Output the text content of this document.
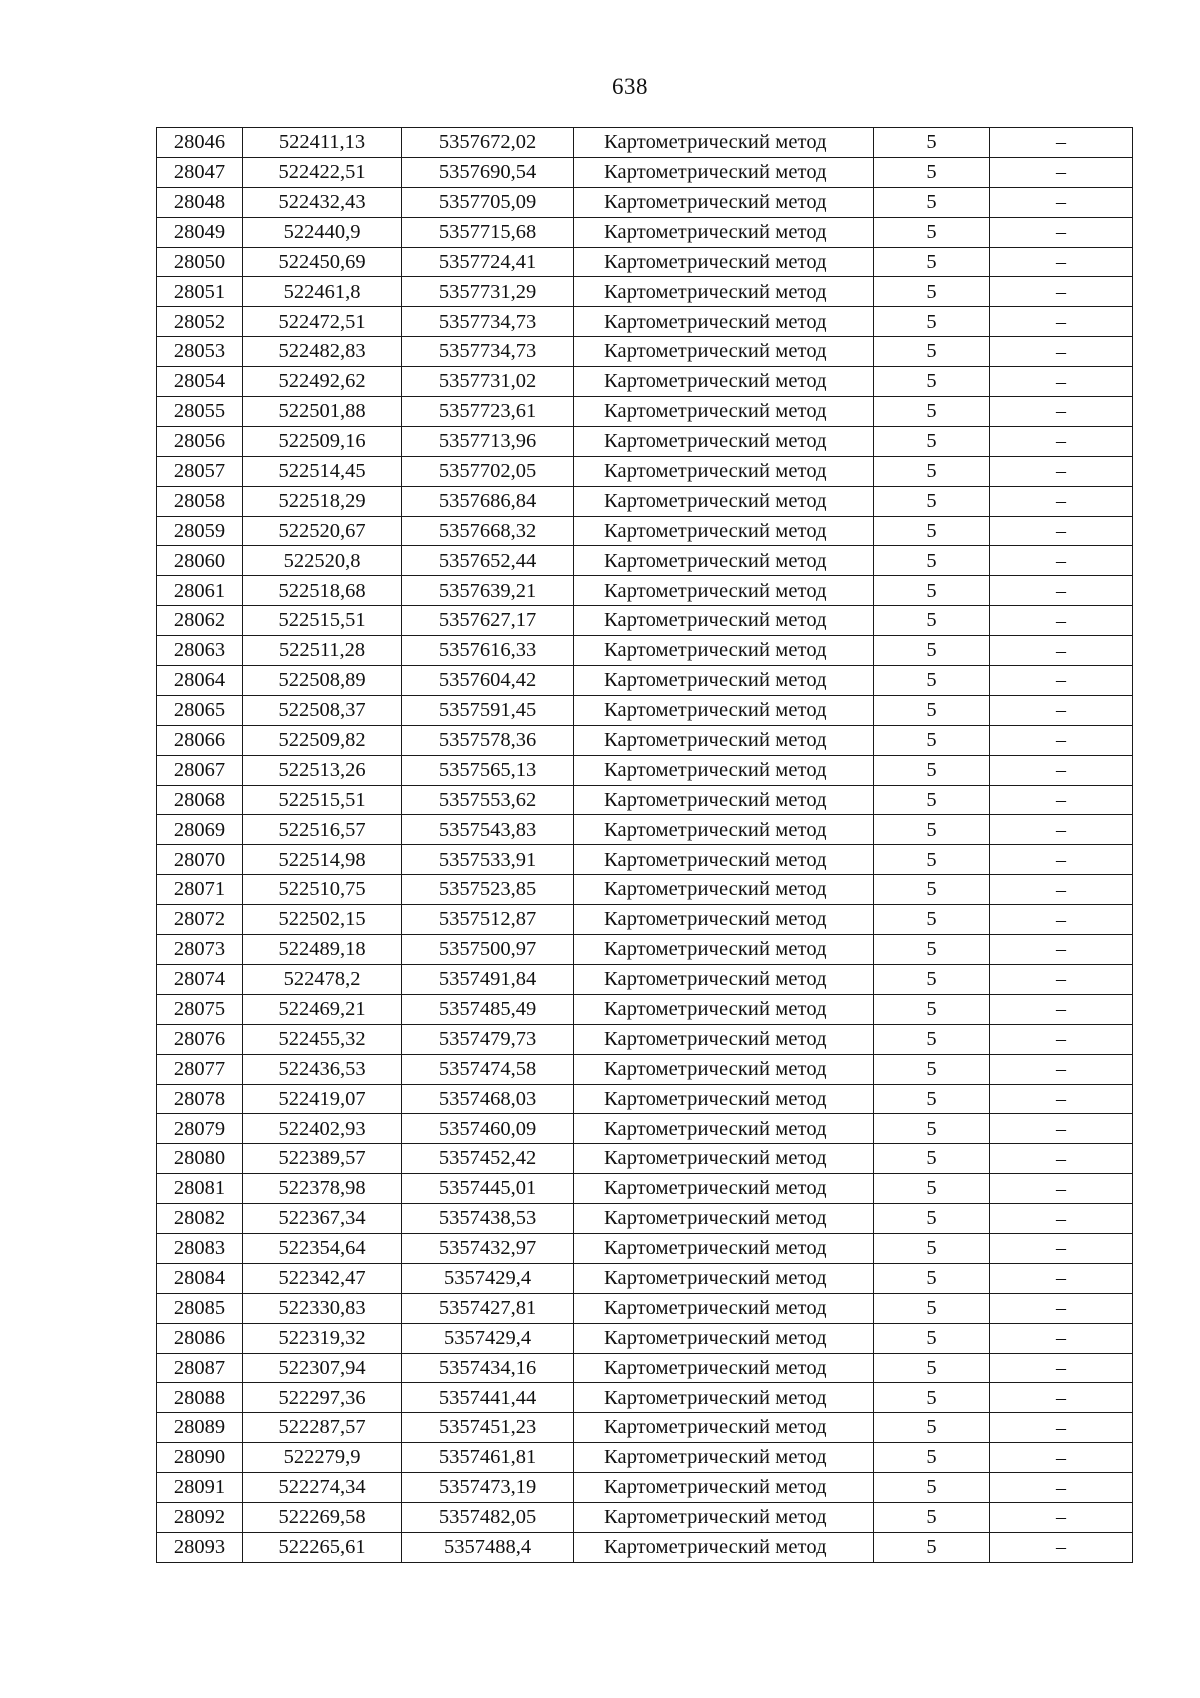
638
28046	522411,13	5357672,02	Картометрический метод	5	–
28047	522422,51	5357690,54	Картометрический метод	5	–
28048	522432,43	5357705,09	Картометрический метод	5	–
28049	522440,9	5357715,68	Картометрический метод	5	–
28050	522450,69	5357724,41	Картометрический метод	5	–
28051	522461,8	5357731,29	Картометрический метод	5	–
28052	522472,51	5357734,73	Картометрический метод	5	–
28053	522482,83	5357734,73	Картометрический метод	5	–
28054	522492,62	5357731,02	Картометрический метод	5	–
28055	522501,88	5357723,61	Картометрический метод	5	–
28056	522509,16	5357713,96	Картометрический метод	5	–
28057	522514,45	5357702,05	Картометрический метод	5	–
28058	522518,29	5357686,84	Картометрический метод	5	–
28059	522520,67	5357668,32	Картометрический метод	5	–
28060	522520,8	5357652,44	Картометрический метод	5	–
28061	522518,68	5357639,21	Картометрический метод	5	–
28062	522515,51	5357627,17	Картометрический метод	5	–
28063	522511,28	5357616,33	Картометрический метод	5	–
28064	522508,89	5357604,42	Картометрический метод	5	–
28065	522508,37	5357591,45	Картометрический метод	5	–
28066	522509,82	5357578,36	Картометрический метод	5	–
28067	522513,26	5357565,13	Картометрический метод	5	–
28068	522515,51	5357553,62	Картометрический метод	5	–
28069	522516,57	5357543,83	Картометрический метод	5	–
28070	522514,98	5357533,91	Картометрический метод	5	–
28071	522510,75	5357523,85	Картометрический метод	5	–
28072	522502,15	5357512,87	Картометрический метод	5	–
28073	522489,18	5357500,97	Картометрический метод	5	–
28074	522478,2	5357491,84	Картометрический метод	5	–
28075	522469,21	5357485,49	Картометрический метод	5	–
28076	522455,32	5357479,73	Картометрический метод	5	–
28077	522436,53	5357474,58	Картометрический метод	5	–
28078	522419,07	5357468,03	Картометрический метод	5	–
28079	522402,93	5357460,09	Картометрический метод	5	–
28080	522389,57	5357452,42	Картометрический метод	5	–
28081	522378,98	5357445,01	Картометрический метод	5	–
28082	522367,34	5357438,53	Картометрический метод	5	–
28083	522354,64	5357432,97	Картометрический метод	5	–
28084	522342,47	5357429,4	Картометрический метод	5	–
28085	522330,83	5357427,81	Картометрический метод	5	–
28086	522319,32	5357429,4	Картометрический метод	5	–
28087	522307,94	5357434,16	Картометрический метод	5	–
28088	522297,36	5357441,44	Картометрический метод	5	–
28089	522287,57	5357451,23	Картометрический метод	5	–
28090	522279,9	5357461,81	Картометрический метод	5	–
28091	522274,34	5357473,19	Картометрический метод	5	–
28092	522269,58	5357482,05	Картометрический метод	5	–
28093	522265,61	5357488,4	Картометрический метод	5	–
